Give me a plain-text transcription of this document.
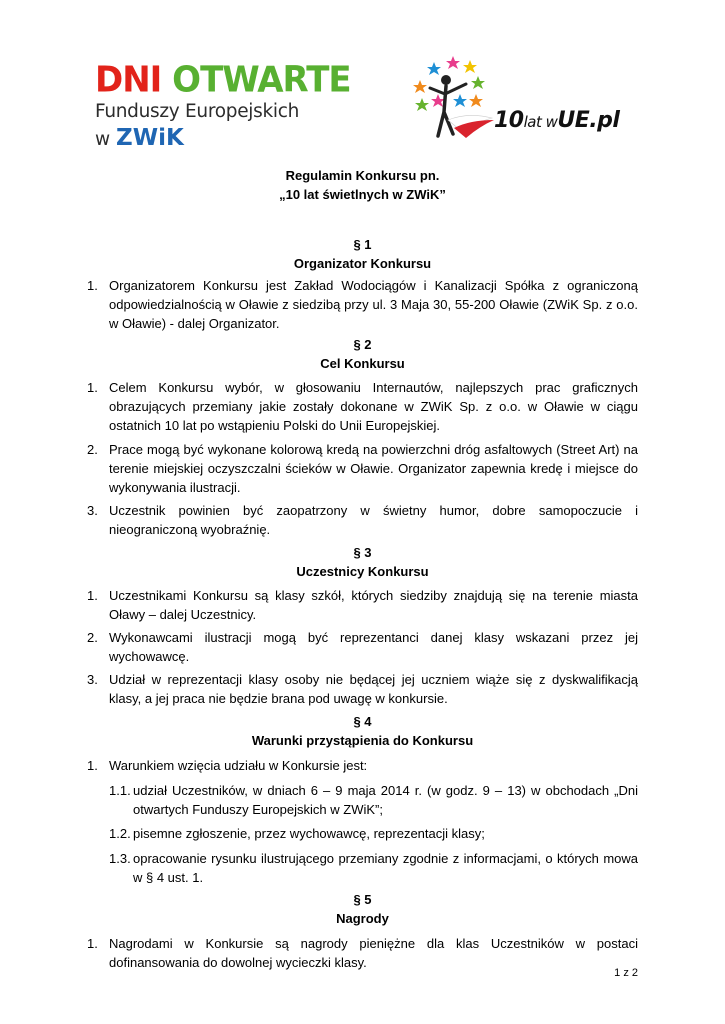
DNI OTWARTE
Funduszy Europejskich
w ZWiK
10lat wUE.pl
Regulamin Konkursu pn.
„10 lat świetlnych w ZWiK”
§ 1
Organizator Konkursu
1. Organizatorem Konkursu jest Zakład Wodociągów i Kanalizacji Spółka z ograniczoną odpowiedzialnością w Oławie z siedzibą przy ul. 3 Maja 30, 55-200 Oławie (ZWiK Sp. z o.o. w Oławie) - dalej Organizator.
§ 2
Cel Konkursu
1. Celem Konkursu wybór, w głosowaniu Internautów, najlepszych prac graficznych obrazujących przemiany jakie zostały dokonane w ZWiK Sp. z o.o. w Oławie w ciągu ostatnich 10 lat po wstąpieniu Polski do Unii Europejskiej.
2. Prace mogą być wykonane kolorową kredą na powierzchni dróg asfaltowych (Street Art) na terenie miejskiej oczyszczalni ścieków w Oławie. Organizator zapewnia kredę i miejsce do wykonywania ilustracji.
3. Uczestnik powinien być zaopatrzony w świetny humor, dobre samopoczucie i nieograniczoną wyobraźnię.
§ 3
Uczestnicy Konkursu
1. Uczestnikami Konkursu są klasy szkół, których siedziby znajdują się na terenie miasta Oławy – dalej Uczestnicy.
2. Wykonawcami ilustracji mogą być reprezentanci danej klasy wskazani przez jej wychowawcę.
3. Udział w reprezentacji klasy osoby nie będącej jej uczniem wiąże się z dyskwalifikacją klasy, a jej praca nie będzie brana pod uwagę w konkursie.
§ 4
Warunki przystąpienia do Konkursu
1. Warunkiem wzięcia udziału w Konkursie jest:
1.1. udział Uczestników, w dniach 6 – 9 maja 2014 r. (w godz. 9 – 13) w obchodach „Dni otwartych Funduszy Europejskich w ZWiK”;
1.2. pisemne zgłoszenie, przez wychowawcę, reprezentacji klasy;
1.3. opracowanie rysunku ilustrującego przemiany zgodnie z informacjami, o których mowa w § 4 ust. 1.
§ 5
Nagrody
1. Nagrodami w Konkursie są nagrody pieniężne dla klas Uczestników w postaci dofinansowania do dowolnej wycieczki klasy.
1 z 2
